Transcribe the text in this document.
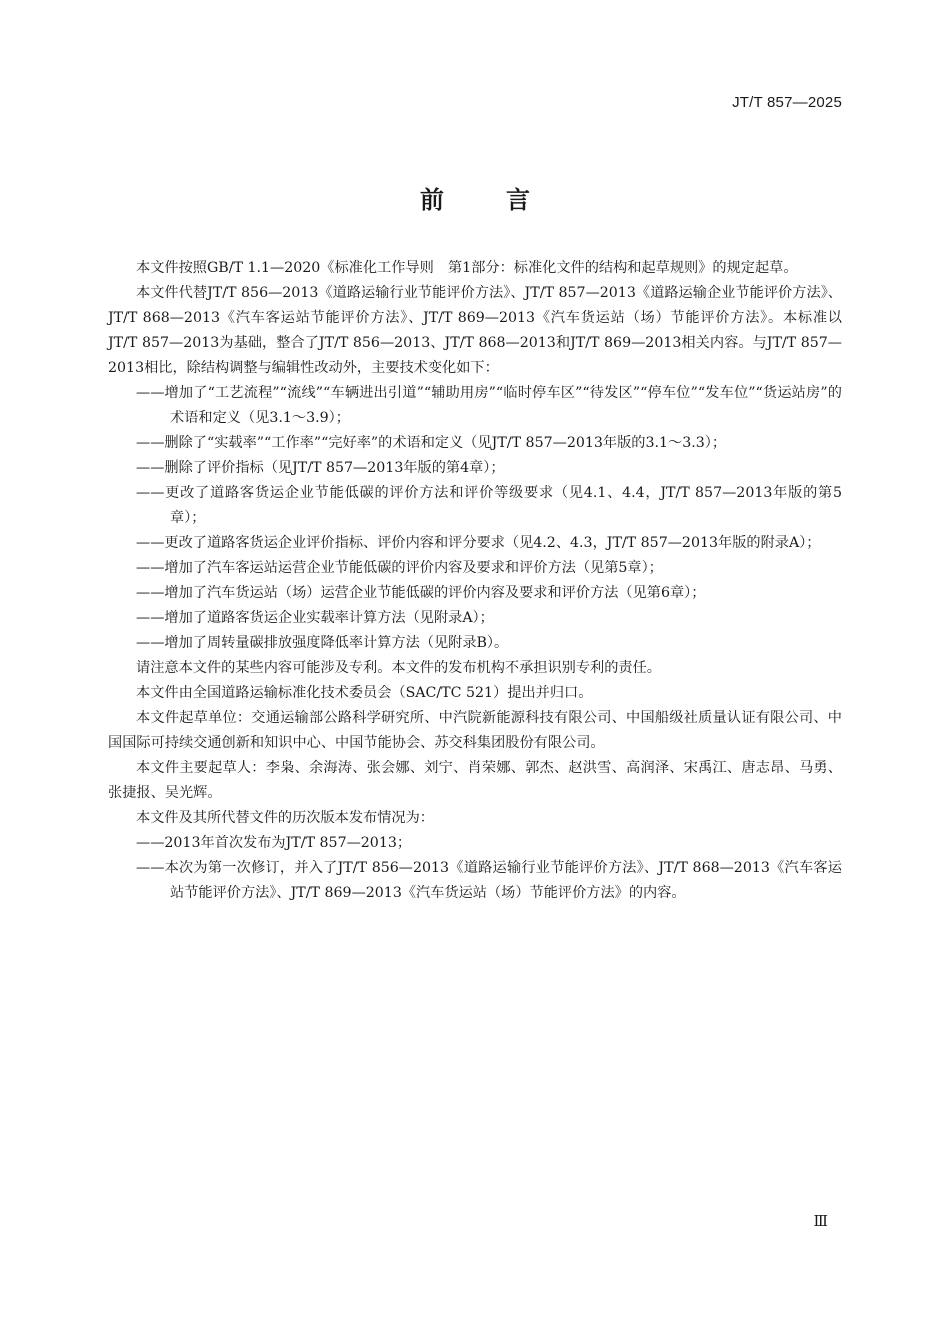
JT/T 857—2025
前言

本文件按照GB/T 1.1—2020《标准化工作导则　第1部分：标准化文件的结构和起草规则》的规定起草。

本文件代替JT/T 856—2013《道路运输行业节能评价方法》、JT/T 857—2013《道路运输企业节能评价方法》、JT/T 868—2013《汽车客运站节能评价方法》、JT/T 869—2013《汽车货运站（场）节能评价方法》。本标准以JT/T 857—2013为基础，整合了JT/T 856—2013、JT/T 868—2013和JT/T 869—2013相关内容。与JT/T 857—2013相比，除结构调整与编辑性改动外，主要技术变化如下：

——增加了“工艺流程”“流线”“车辆进出引道”“辅助用房”“临时停车区”“待发区”“停车位”“发车位”“货运站房”的术语和定义（见3.1～3.9）；

——删除了“实载率”“工作率”“完好率”的术语和定义（见JT/T 857—2013年版的3.1～3.3）；

——删除了评价指标（见JT/T 857—2013年版的第4章）；

——更改了道路客货运企业节能低碳的评价方法和评价等级要求（见4.1、4.4，JT/T 857—2013年版的第5章）；

——更改了道路客货运企业评价指标、评价内容和评分要求（见4.2、4.3，JT/T 857—2013年版的附录A）；

——增加了汽车客运站运营企业节能低碳的评价内容及要求和评价方法（见第5章）；

——增加了汽车货运站（场）运营企业节能低碳的评价内容及要求和评价方法（见第6章）；

——增加了道路客货运企业实载率计算方法（见附录A）；

——增加了周转量碳排放强度降低率计算方法（见附录B）。

请注意本文件的某些内容可能涉及专利。本文件的发布机构不承担识别专利的责任。

本文件由全国道路运输标准化技术委员会（SAC/TC 521）提出并归口。

本文件起草单位：交通运输部公路科学研究所、中汽院新能源科技有限公司、中国船级社质量认证有限公司、中国国际可持续交通创新和知识中心、中国节能协会、苏交科集团股份有限公司。

本文件主要起草人：李枭、余海涛、张会娜、刘宁、肖荣娜、郭杰、赵洪雪、高润泽、宋禹江、唐志昂、马勇、张捷报、吴光辉。

本文件及其所代替文件的历次版本发布情况为：

——2013年首次发布为JT/T 857—2013；

——本次为第一次修订，并入了JT/T 856—2013《道路运输行业节能评价方法》、JT/T 868—2013《汽车客运站节能评价方法》、JT/T 869—2013《汽车货运站（场）节能评价方法》的内容。

Ⅲ
